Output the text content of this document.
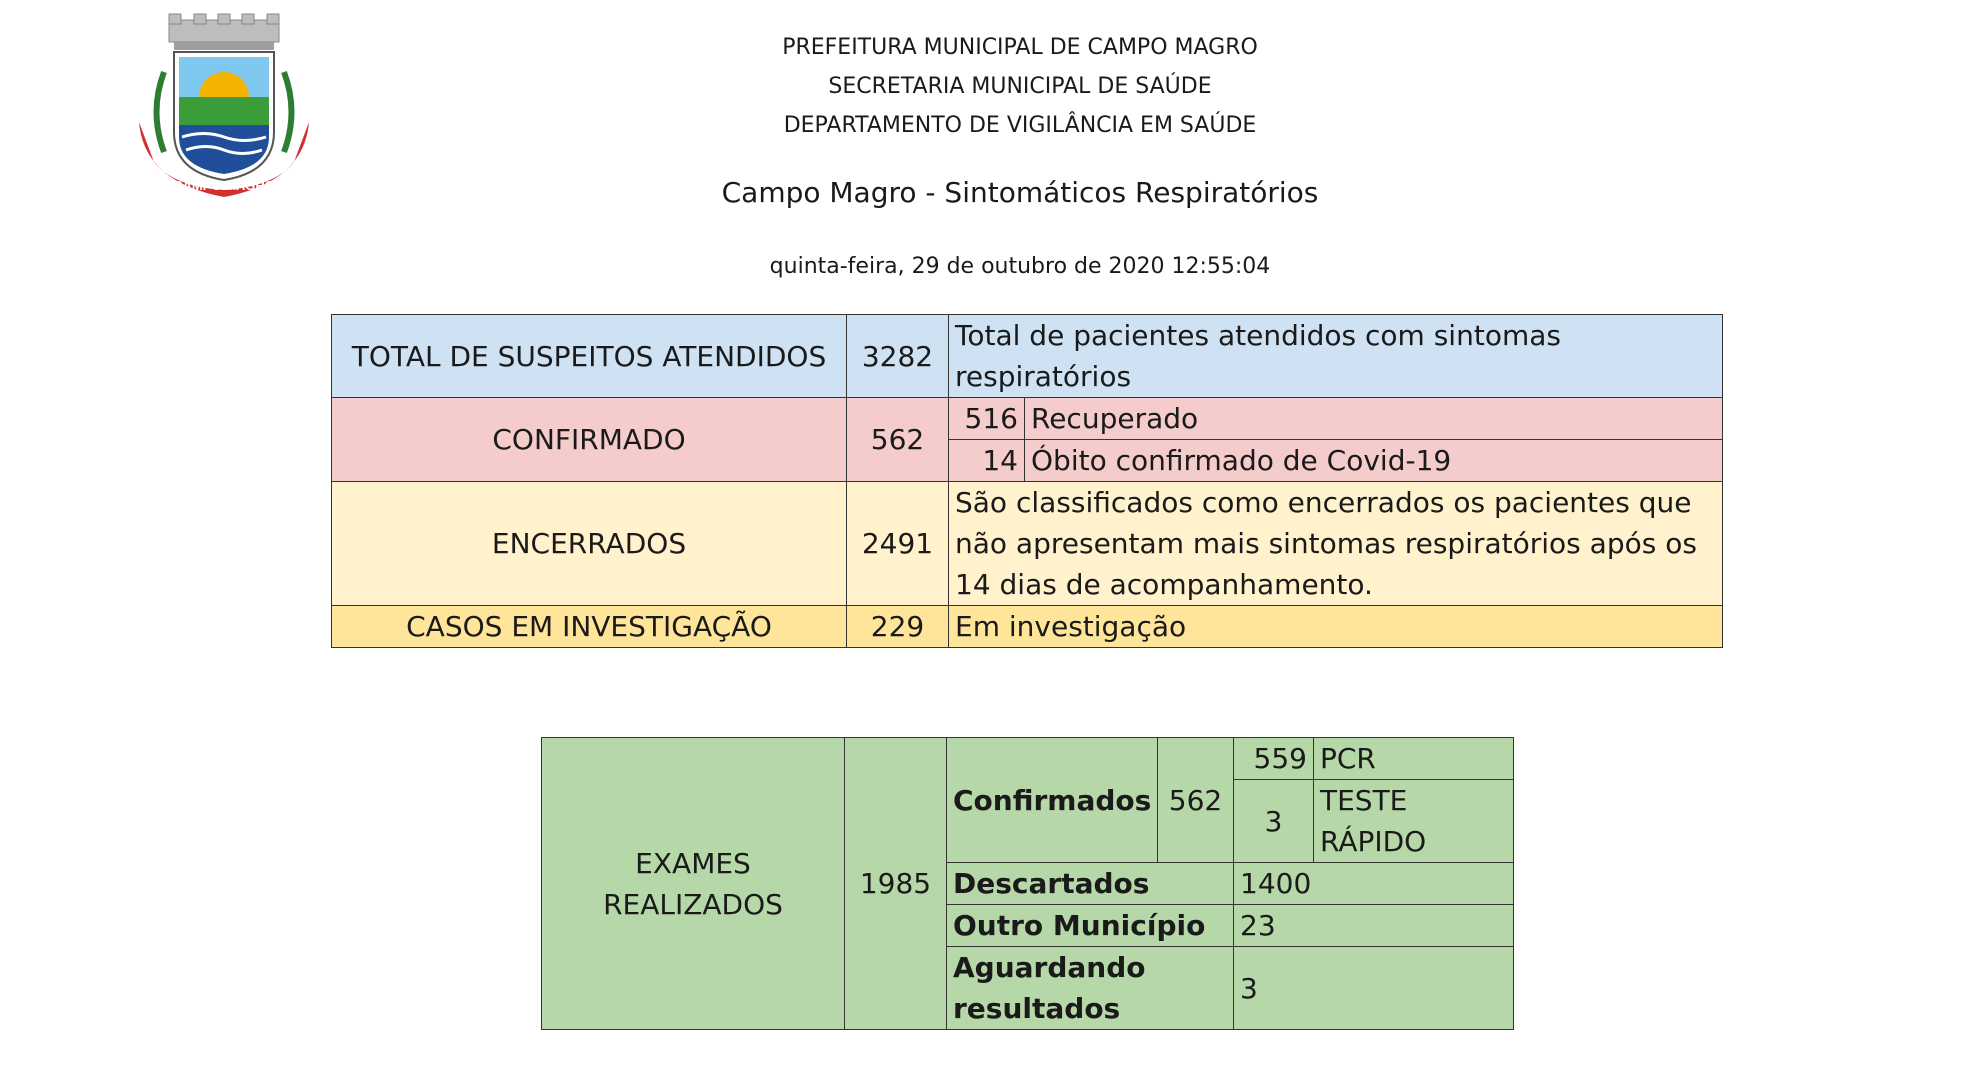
CAMPO MAGRO
PREFEITURA MUNICIPAL DE CAMPO MAGRO
SECRETARIA MUNICIPAL DE SAÚDE
DEPARTAMENTO DE VIGILÂNCIA EM SAÚDE
Campo Magro - Sintomáticos Respiratórios
quinta-feira, 29 de outubro de 2020 12:55:04
TOTAL DE SUSPEITOS ATENDIDOS	3282	Total de pacientes atendidos com sintomas respiratórios	
CONFIRMADO	562	516	Recuperado
		14	Óbito confirmado de Covid-19
ENCERRADOS	2491	São classificados como encerrados os pacientes que não apresentam mais sintomas respiratórios após os 14 dias de acompanhamento.	
CASOS EM INVESTIGAÇÃO	229	Em investigação	
EXAMES REALIZADOS	1985	Confirmados	562	559	PCR
				3	TESTE RÁPIDO
		Descartados		1400	
		Outro Município		23	
		Aguardando resultados		3	
